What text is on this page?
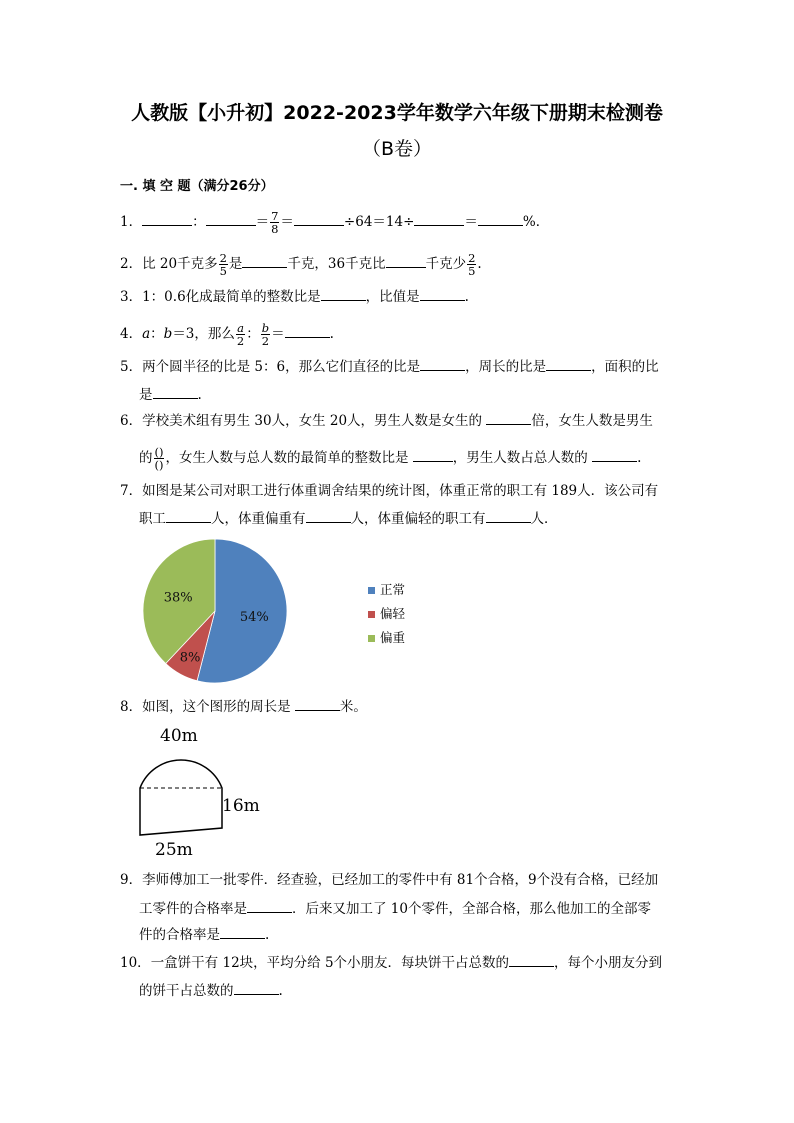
人教版【小升初】2022-2023学年数学六年级下册期末检测卷
（B卷）
一. 填 空 题（满分26分）
1．	：	＝ $\frac{7}{8}$ ＝	÷64＝14÷	＝	%．
2．比 20千克多 $\frac{2}{5}$ 是	千克，36千克比	千克少 $\frac{2}{5}$ .
3．1：0.6化成最简单的整数比是	，比值是	.
4．a：b＝3，那么 $\frac{a}{2}$ ： $\frac{b}{2}$ ＝	.
5．两个圆半径的比是 5：6，那么它们直径的比是	，周长的比是	，面积的比
是	.
6．学校美术组有男生 30人，女生 20人，男生人数是女生的	倍，女生人数是男生
的 $\frac{()}{()}$ ，女生人数与总人数的最简单的整数比是	，男生人数占总人数的	.
7．如图是某公司对职工进行体重调舍结果的统计图，体重正常的职工有 189人．该公司有
职工	人，体重偏重有	人，体重偏轻的职工有	人．
54%
8%
38%
正常
偏轻
偏重
8．如图，这个图形的周长是	米。
40m
16m
25m
9．李师傅加工一批零件．经查验，已经加工的零件中有 81个合格，9个没有合格，已经加
工零件的合格率是	．后来又加工了 10个零件，全部合格，那么他加工的全部零
件的合格率是	.
10．一盒饼干有 12块，平均分给 5个小朋友．每块饼干占总数的	，每个小朋友分到
的饼干占总数的	.
